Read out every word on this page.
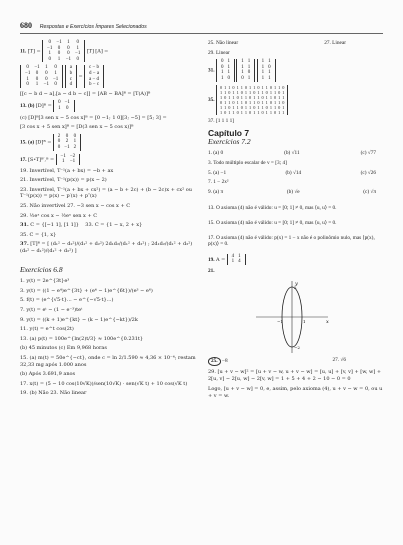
680 Respostas e Exercícios Ímpares Selecionados
11. [T] =
0	−1	1	0
−1	0	0	1
1	0	0	−1
0	1	−1	0
[T] [A] =
0	−1	1	0
−1	0	0	1
1	0	0	−1
0	1	−1	0

a
b
c
d
=
c − b
d − a
a − d
b − c
[[c − b d − a],[a − d b − c]] = [AB − BA]ᴮ = [T(A)]ᴮ
13. (b) [D]ᴮ =
0	−1
1	0
(c) [D]ᴮ[3 sen x − 5 cos x]ᴮ = [0 −1; 1 0][3; −5] = [5; 3] =
[3 cos x + 5 sen x]ᴮ = [D(3 sen x − 5 cos x)]ᴮ
15. (a) [D]ᴮ =
2	0	0
0	2	1
0	−1	2
17. [S∘T]ᴮ′,ᴮ =
−1	−2
1	−1
19. Invertível, T⁻¹(a + bx) = −b + ax
21. Invertível, T⁻¹(p(x)) = p(x − 2)
23. Invertível, T⁻¹(a + bx + cx²) = (a − b + 2c) + (b − 2c)x + cx² ou T⁻¹(p(x)) = p(x) − p′(x) + p″(x)
25. Não invertível 27. −3 sen x − cos x + C
29. ½eˣ cos x − ½eˣ sen x + C
31. C = {[−1 1], [1 1]} 33. C = {1 − x, 2 + x}
35. C = {1, x}
37. [T]ᴮ = [ (d₁² − d₂²)/(d₁² + d₂²) 2d₁d₂/(d₁² + d₂²) ; 2d₁d₂/(d₁² + d₂²) (d₂² − d₁²)/(d₁² + d₂²) ]
Exercícios 6.8
1. y(t) = 2e^{3t}e³
3. y(t) = ((1 − e⁴)e^{3t} + (e⁴ − 1)e^{6t})/(e³ − e⁶)
5. f(t) = (e^{√5·t}... − e^{−√5·t}...)
7. y(t) = eᵗ − (1 − e⁻³)teᵗ
9. y(t) = ((k + 1)e^{kt} − (k − 1)e^{−kt})/2k
11. y(t) = e^t cos(2t)
13. (a) p(t) = 100e^{ln(2)t/3} ≈ 100e^{0.231t}
(b) 45 minutos (c) Em 9,968 horas
15. (a) m(t) = 50e^{−ct}, onde c = ln 2/1.590 ≈ 4,36 × 10⁻⁴; restam 32,33 mg após 1.000 anos
(b) Após 3.691,9 anos
17. x(t) = (5 − 10 cos(10√K))/sen(10√K) · sen(√K t) + 10 cos(√K t)
19. (b) Não 23. Não linear
25. Não linear	27. Linear
29. Linear
31.
0	1
0	1
1	1
1	0

1	1
1	1
1	0
0	1

1	1
1	0
1	1
1	1
35.
0	1	1	0	1	1	0	1	1	0	1	1	0	1	1	0
1	1	0	1	1	0	1	1	0	1	1	0	1	1	0	1
1	0	1	1	0	1	1	0	1	1	0	1	1	0	1	1
0	1	1	0	1	1	0	1	1	0	1	1	0	1	1	0
1	1	0	1	1	0	1	1	0	1	1	0	1	1	0	1
1	0	1	1	0	1	1	0	1	1	0	1	1	0	1	1
37. [1 1 1 1]
Capítulo 7
Exercícios 7.2
1. (a) 0	(b) √11	(c) √77
3. Todo múltiplo escalar de v = [3; 4]
5. (a) −1	(b) √14	(c) √26
7. 1 − 2x²
9. (a) π	(b) √e	(c) √π
13. O axioma (4) não é válido: u = [0; 1] ≠ 0, mas ⟨u, u⟩ = 0.
15. O axioma (4) não é válido: u = [0; 1] ≠ 0, mas ⟨u, u⟩ = 0.
17. O axioma (4) não é válido: p(x) = 1 − x não é o polinômio nulo, mas ⟨p(x), p(x)⟩ = 0.
19. A =
4	1
1	4
21.
y
x
1
−1
2
−2
25. −8	27. √6
29. [u + v − w]² = [u + v − w, u + v − w] = [u, u] + [v, v] + [w, w] + 2[u, v] − 2[u, w] − 2[v, w] = 1 + 5 + 4 + 2 − 10 − 0 = 0
Logo, [u + v − w] = 0, e, assim, pelo axioma (4), u + v − w = 0, ou u + v = w.
